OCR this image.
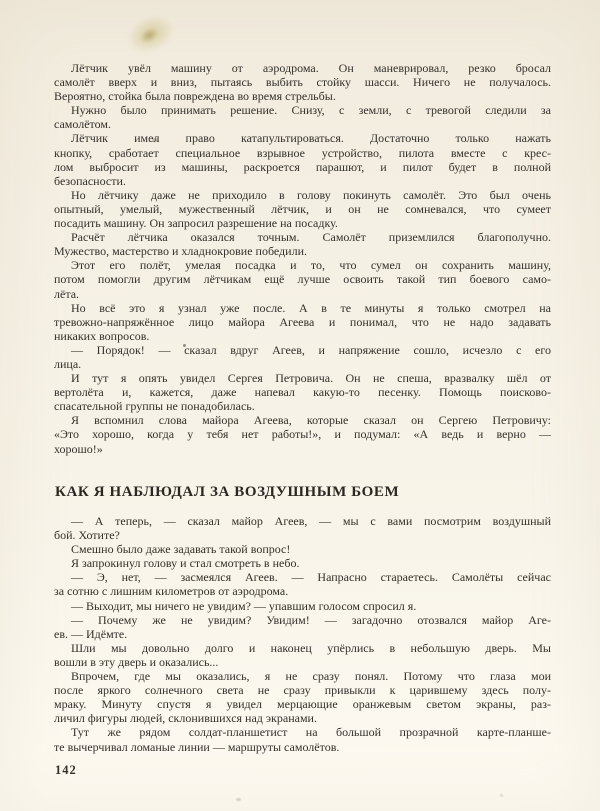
Лётчик увёл машину от аэродрома. Он маневрировал, резко бросал
самолёт вверх и вниз, пытаясь выбить стойку шасси. Ничего не получалось.
Вероятно, стойка была повреждена во время стрельбы.
Нужно было принимать решение. Снизу, с земли, с тревогой следили за
самолётом.
Лётчик имел право катапультироваться. Достаточно только нажать
кнопку, сработает специальное взрывное устройство, пилота вместе с крес-
лом выбросит из машины, раскроется парашют, и пилот будет в полной
безопасности.
Но лётчику даже не приходило в голову покинуть самолёт. Это был очень
опытный, умелый, мужественный лётчик, и он не сомневался, что сумеет
посадить машину. Он запросил разрешение на посадку.
Расчёт лётчика оказался точным. Самолёт приземлился благополучно.
Мужество, мастерство и хладнокровие победили.
Этот его полёт, умелая посадка и то, что сумел он сохранить машину,
потом помогли другим лётчикам ещё лучше освоить такой тип боевого само-
лёта.
Но всё это я узнал уже после. А в те минуты я только смотрел на
тревожно-напряжённое лицо майора Агеева и понимал, что не надо задавать
никаких вопросов.
— Порядок! — сказал вдруг Агеев, и напряжение сошло, исчезло с его
лица.
И тут я опять увидел Сергея Петровича. Он не спеша, вразвалку шёл от
вертолёта и, кажется, даже напевал какую-то песенку. Помощь поисково-
спасательной группы не понадобилась.
Я вспомнил слова майора Агеева, которые сказал он Сергею Петровичу:
«Это хорошо, когда у тебя нет работы!», и подумал: «А ведь и верно —
хорошо!»
КАК Я НАБЛЮДАЛ ЗА ВОЗДУШНЫМ БОЕМ
— А теперь, — сказал майор Агеев, — мы с вами посмотрим воздушный
бой. Хотите?
Смешно было даже задавать такой вопрос!
Я запрокинул голову и стал смотреть в небо.
— Э, нет, — засмеялся Агеев. — Напрасно стараетесь. Самолёты сейчас
за сотню с лишним километров от аэродрома.
— Выходит, мы ничего не увидим? — упавшим голосом спросил я.
— Почему же не увидим? Увидим! — загадочно отозвался майор Аге-
ев. — Идёмте.
Шли мы довольно долго и наконец упёрлись в небольшую дверь. Мы
вошли в эту дверь и оказались...
Впрочем, где мы оказались, я не сразу понял. Потому что глаза мои
после яркого солнечного света не сразу привыкли к царившему здесь полу-
мраку. Минуту спустя я увидел мерцающие оранжевым светом экраны, раз-
личил фигуры людей, склонившихся над экранами.
Тут же рядом солдат-планшетист на большой прозрачной карте-планше-
те вычерчивал ломаные линии — маршруты самолётов.
142
